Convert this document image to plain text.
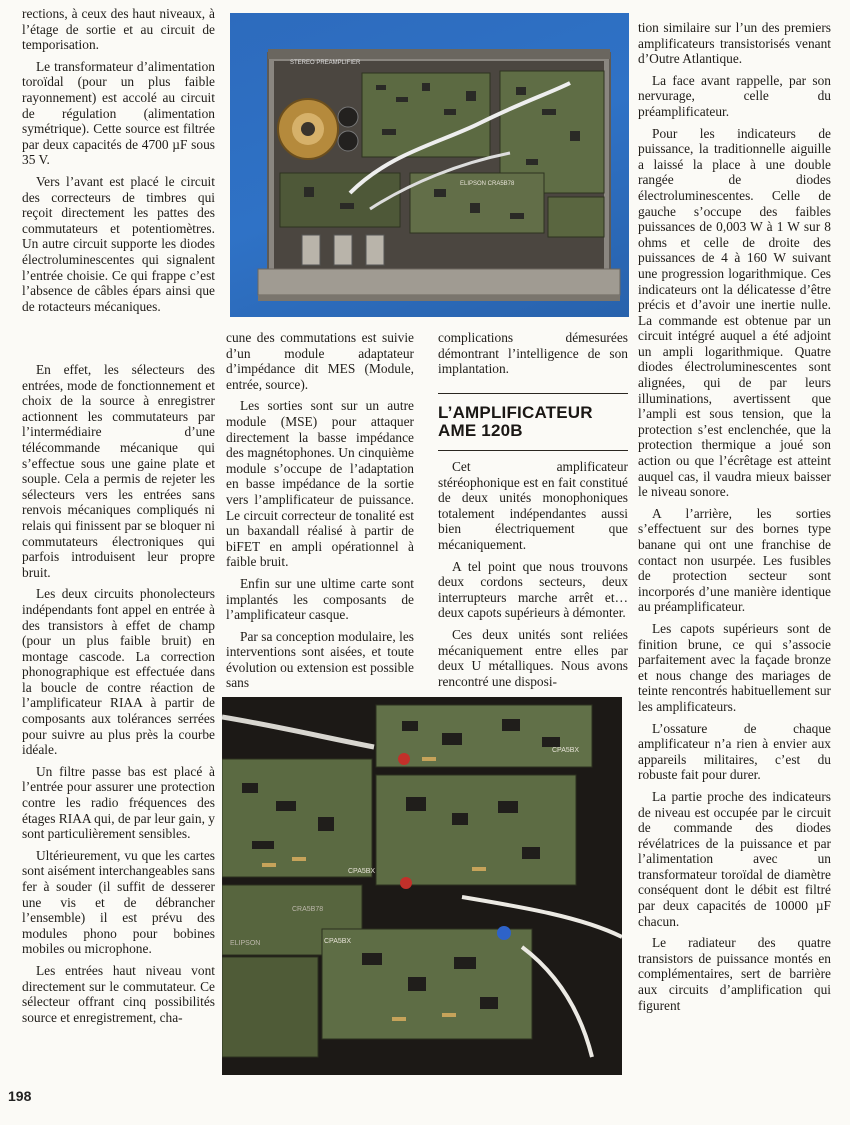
rections, à ceux des haut niveaux, à l’étage de sortie et au circuit de temporisation.

Le transformateur d’alimentation toroïdal (pour un plus faible rayonnement) est accolé au circuit de régulation (alimentation symétrique). Cette source est filtrée par deux capacités de 4700 µF sous 35 V.

Vers l’avant est placé le circuit des correcteurs de timbres qui reçoit directement les pattes des commutateurs et potentiomètres. Un autre circuit supporte les diodes électroluminescentes qui signalent l’entrée choisie. Ce qui frappe c’est l’absence de câbles épars ainsi que de rotacteurs mécaniques.

En effet, les sélecteurs des entrées, mode de fonctionnement et choix de la source à enregistrer actionnent les commutateurs par l’intermédiaire d’une télécommande mécanique qui s’effectue sous une gaine plate et souple. Cela a permis de rejeter les sélecteurs vers les entrées sans renvois mécaniques compliqués ni relais qui finissent par se bloquer ni commutateurs électroniques qui parfois introduisent leur propre bruit.

Les deux circuits phonolecteurs indépendants font appel en entrée à des transistors à effet de champ (pour un plus faible bruit) en montage cascode. La correction phonographique est effectuée dans la boucle de contre réaction de l’amplificateur RIAA à partir de composants aux tolérances serrées pour suivre au plus près la courbe idéale.

Un filtre passe bas est placé à l’entrée pour assurer une protection contre les radio fréquences des étages RIAA qui, de par leur gain, y sont particulièrement sensibles.

Ultérieurement, vu que les cartes sont aisément interchangeables sans fer à souder (il suffit de desserer une vis et de débrancher l’ensemble) il est prévu des modules phono pour bobines mobiles ou microphone.

Les entrées haut niveau vont directement sur le commutateur. Ce sélecteur offrant cinq possibilités source et enregistrement, cha-

STEREO PREAMPLIFIER
ELIPSON CRA5B78

cune des commutations est suivie d’un module adaptateur d’impédance dit MES (Module, entrée, source).

Les sorties sont sur un autre module (MSE) pour attaquer directement la basse impédance des magnétophones. Un cinquième module s’occupe de l’adaptation en basse impédance de la sortie vers l’amplificateur de puissance. Le circuit correcteur de tonalité est un baxandall réalisé à partir de biFET en ampli opérationnel à faible bruit.

Enfin sur une ultime carte sont implantés les composants de l’amplificateur casque.

Par sa conception modulaire, les interventions sont aisées, et toute évolution ou extension est possible sans

complications démesurées démontrant l’intelligence de son implantation.

L’AMPLIFICATEUR AME 120B

Cet amplificateur stéréophonique est en fait constitué de deux unités monophoniques totalement indépendantes aussi bien électriquement que mécaniquement.

A tel point que nous trouvons deux cordons secteurs, deux interrupteurs marche arrêt et… deux capots supérieurs à démonter.

Ces deux unités sont reliées mécaniquement entre elles par deux U métalliques. Nous avons rencontré une disposi-

tion similaire sur l’un des premiers amplificateurs transistorisés venant d’Outre Atlantique.

La face avant rappelle, par son nervurage, celle du préamplificateur.

Pour les indicateurs de puissance, la traditionnelle aiguille a laissé la place à une double rangée de diodes électroluminescentes. Celle de gauche s’occupe des faibles puissances de 0,003 W à 1 W sur 8 ohms et celle de droite des puissances de 4 à 160 W suivant une progression logarithmique. Ces indicateurs ont la délicatesse d’être précis et d’avoir une inertie nulle. La commande est obtenue par un circuit intégré auquel a été adjoint un ampli logarithmique. Quatre diodes électroluminescentes sont alignées, qui de par leurs illuminations, avertissent que l’ampli est sous tension, que la protection s’est enclenchée, que la protection thermique a joué son action ou que l’écrêtage est atteint auquel cas, il vaudra mieux baisser le niveau sonore.

A l’arrière, les sorties s’effectuent sur des bornes type banane qui ont une franchise de contact non usurpée. Les fusibles de protection secteur sont incorporés d’une manière identique au préamplificateur.

Les capots supérieurs sont de finition brune, ce qui s’associe parfaitement avec la façade bronze et nous change des mariages de teinte rencontrés habituellement sur les amplificateurs.

L’ossature de chaque amplificateur n’a rien à envier aux appareils militaires, c’est du robuste fait pour durer.

La partie proche des indicateurs de niveau est occupée par le circuit de commande des diodes révélatrices de la puissance et par l’alimentation avec un transformateur toroïdal de diamètre conséquent dont le débit est filtré par deux capacités de 10000 µF chacun.

Le radiateur des quatre transistors de puissance montés en complémentaires, sert de barrière aux circuits d’amplification qui figurent

CPA5BX
CPA5BX
CPA5BX
ELIPSON
CRA5B78
198
